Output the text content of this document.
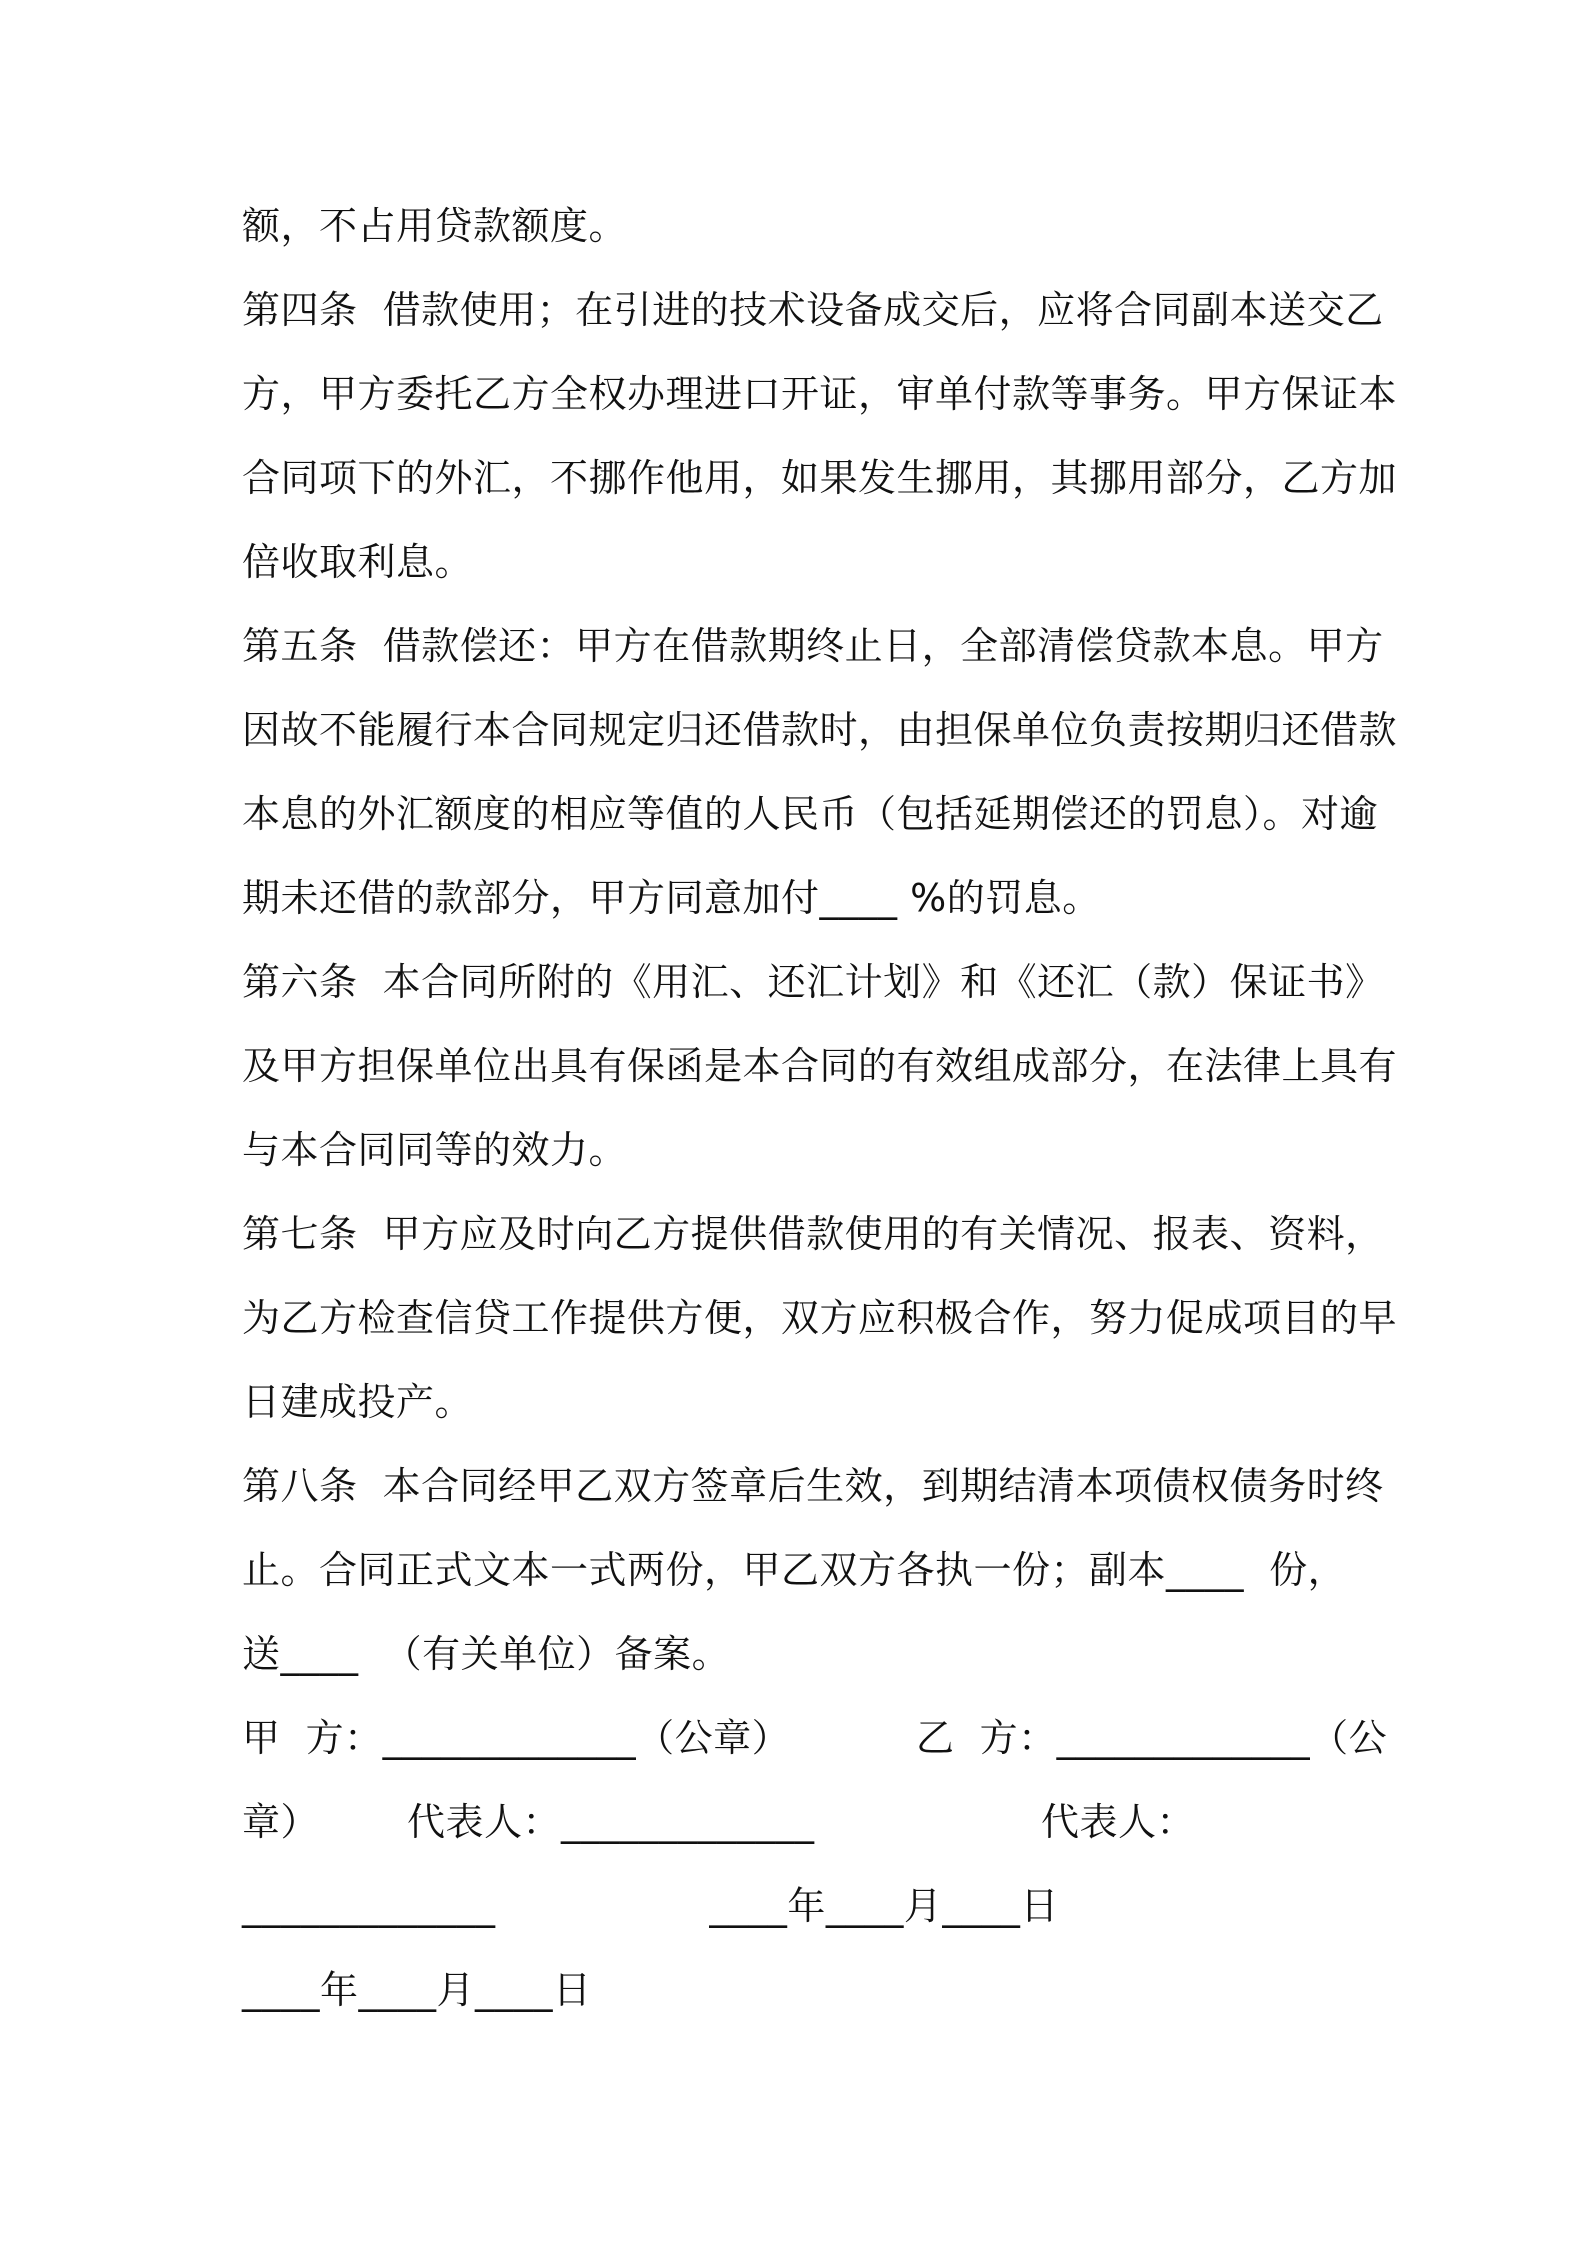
额，不占用贷款额度。
第四条  借款使用；在引进的技术设备成交后，应将合同副本送交乙
方，甲方委托乙方全权办理进口开证，审单付款等事务。甲方保证本
合同项下的外汇，不挪作他用，如果发生挪用，其挪用部分，乙方加
倍收取利息。
第五条  借款偿还：甲方在借款期终止日，全部清偿贷款本息。甲方
因故不能履行本合同规定归还借款时，由担保单位负责按期归还借款
本息的外汇额度的相应等值的人民币（包括延期偿还的罚息）。对逾
期未还借的款部分，甲方同意加付____ %的罚息。
第六条  本合同所附的《用汇、还汇计划》和《还汇（款）保证书》
及甲方担保单位出具有保函是本合同的有效组成部分，在法律上具有
与本合同同等的效力。
第七条  甲方应及时向乙方提供借款使用的有关情况、报表、资料，
为乙方检查信贷工作提供方便，双方应积极合作，努力促成项目的早
日建成投产。
第八条  本合同经甲乙双方签章后生效，到期结清本项债权债务时终
止。合同正式文本一式两份，甲乙双方各执一份；副本____  份，
送____  （有关单位）备案。
甲  方：_____________（公章）          乙  方：_____________（公
章）       代表人：_____________                  代表人：
_____________                 ____年____月____日
____年____月____日
